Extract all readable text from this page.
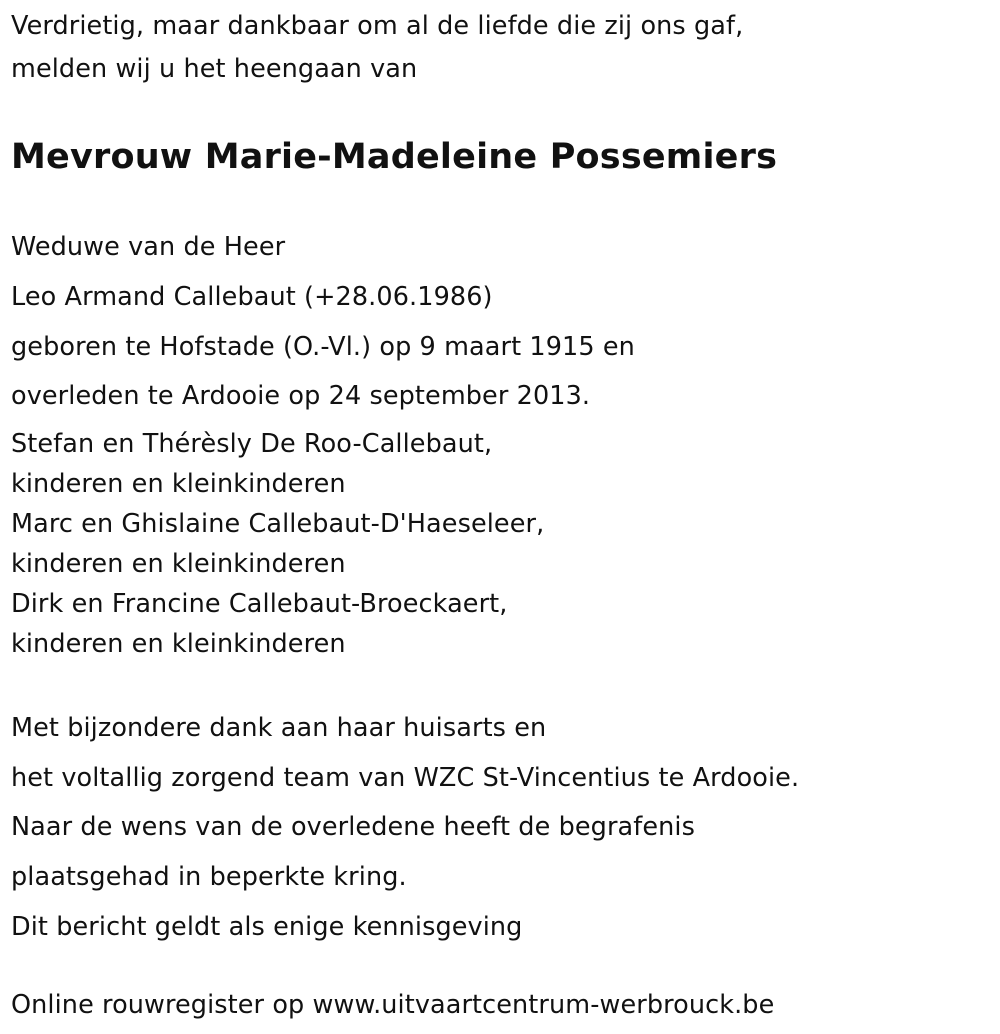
Verdrietig, maar dankbaar om al de liefde die zij ons gaf,
melden wij u het heengaan van
Mevrouw Marie-Madeleine Possemiers
Weduwe van de Heer
Leo Armand Callebaut (+28.06.1986)
geboren te Hofstade (O.-Vl.) op 9 maart 1915 en
overleden te Ardooie op 24 september 2013.
Stefan en Thérèsly De Roo-Callebaut,
kinderen en kleinkinderen
Marc en Ghislaine Callebaut-D'Haeseleer,
kinderen en kleinkinderen
Dirk en Francine Callebaut-Broeckaert,
kinderen en kleinkinderen
Met bijzondere dank aan haar huisarts en
het voltallig zorgend team van WZC St-Vincentius te Ardooie.
Naar de wens van de overledene heeft de begrafenis
plaatsgehad in beperkte kring.
Dit bericht geldt als enige kennisgeving
Online rouwregister op www.uitvaartcentrum-werbrouck.be
